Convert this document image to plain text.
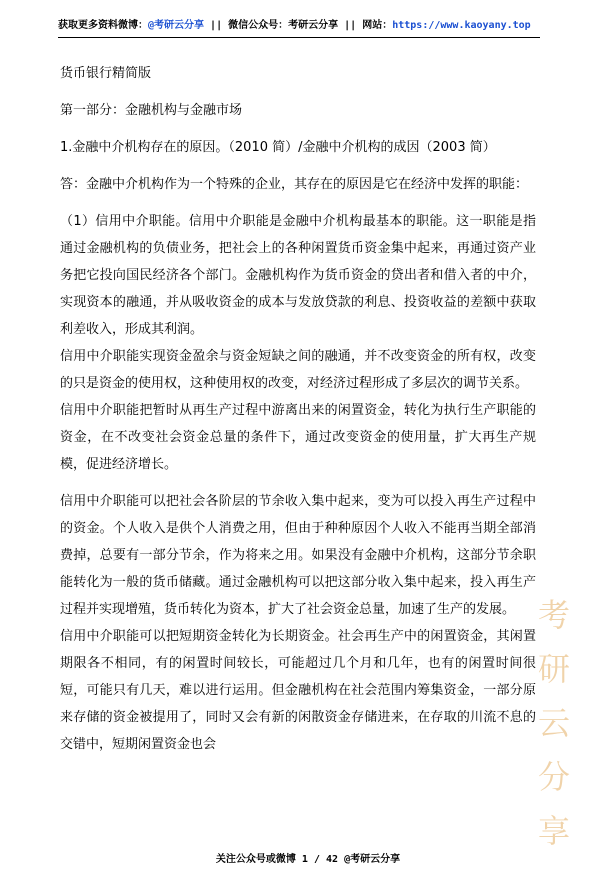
获取更多资料微博：@考研云分享 || 微信公众号：考研云分享 || 网站：https://www.kaoyany.top

货币银行精简版

第一部分：金融机构与金融市场

1.金融中介机构存在的原因。（2010 简）/金融中介机构的成因（2003 简）

答：金融中介机构作为一个特殊的企业，其存在的原因是它在经济中发挥的职能：

（1）信用中介职能。信用中介职能是金融中介机构最基本的职能。这一职能是指通过金融机构的负债业务，把社会上的各种闲置货币资金集中起来，再通过资产业务把它投向国民经济各个部门。金融机构作为货币资金的贷出者和借入者的中介，实现资本的融通，并从吸收资金的成本与发放贷款的利息、投资收益的差额中获取利差收入，形成其利润。

信用中介职能实现资金盈余与资金短缺之间的融通，并不改变资金的所有权，改变的只是资金的使用权，这种使用权的改变，对经济过程形成了多层次的调节关系。

信用中介职能把暂时从再生产过程中游离出来的闲置资金，转化为执行生产职能的资金，在不改变社会资金总量的条件下，通过改变资金的使用量，扩大再生产规模，促进经济增长。

信用中介职能可以把社会各阶层的节余收入集中起来，变为可以投入再生产过程中的资金。个人收入是供个人消费之用，但由于种种原因个人收入不能再当期全部消费掉，总要有一部分节余，作为将来之用。如果没有金融中介机构，这部分节余职能转化为一般的货币储藏。通过金融机构可以把这部分收入集中起来，投入再生产过程并实现增殖，货币转化为资本，扩大了社会资金总量，加速了生产的发展。

信用中介职能可以把短期资金转化为长期资金。社会再生产中的闲置资金，其闲置期限各不相同，有的闲置时间较长，可能超过几个月和几年，也有的闲置时间很短，可能只有几天，难以进行运用。但金融机构在社会范围内筹集资金，一部分原来存储的资金被提用了，同时又会有新的闲散资金存储进来，在存取的川流不息的交错中，短期闲置资金也会	考研云分享
关注公众号或微博 1 / 42 @考研云分享
